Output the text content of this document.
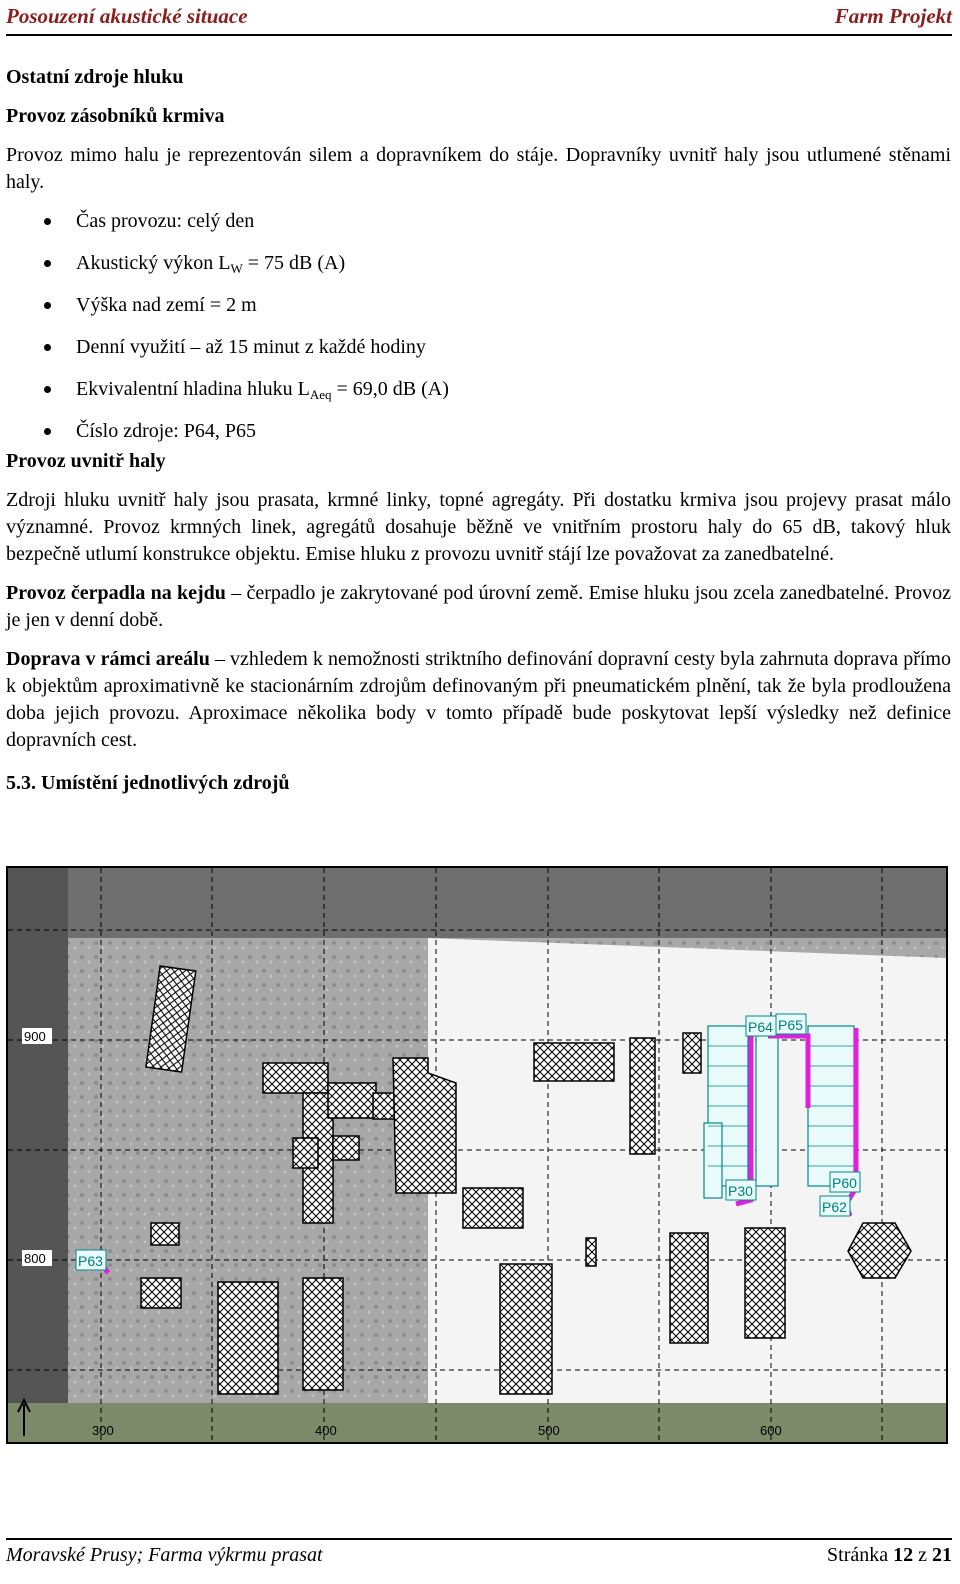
Posouzení akustické situace	Farm Projekt
Ostatní zdroje hluku
Provoz zásobníků krmiva

Provoz mimo halu je reprezentován silem a dopravníkem do stáje. Dopravníky uvnitř haly jsou utlumené stěnami haly.

Čas provozu: celý den
Akustický výkon $L_W = 75$ dB (A)
Výška nad zemí = 2 m
Denní využití – až 15 minut z každé hodiny
Ekvivalentní hladina hluku $L_{Aeq} = 69,0$ dB (A)
Číslo zdroje: P64, P65
Provoz uvnitř haly

Zdroji hluku uvnitř haly jsou prasata, krmné linky, topné agregáty. Při dostatku krmiva jsou projevy prasat málo významné. Provoz krmných linek, agregátů dosahuje běžně ve vnitřním prostoru haly do 65 dB, takový hluk bezpečně utlumí konstrukce objektu. Emise hluku z provozu uvnitř stájí lze považovat za zanedbatelné.

Provoz čerpadla na kejdu – čerpadlo je zakrytované pod úrovní země. Emise hluku jsou zcela zanedbatelné. Provoz je jen v denní době.

Doprava v rámci areálu – vzhledem k nemožnosti striktního definování dopravní cesty byla zahrnuta doprava přímo k objektům aproximativně ke stacionárním zdrojům definovaným při pneumatickém plnění, tak že byla prodloužena doba jejich provozu. Aproximace několika body v tomto případě bude poskytovat lepší výsledky než definice dopravních cest.

5.3. Umístění jednotlivých zdrojů
P64 P65
P30	P60
P62
P63
900
800
300	400	500	600
Moravské Prusy; Farma výkrmu prasat	Stránka 12 z 21
